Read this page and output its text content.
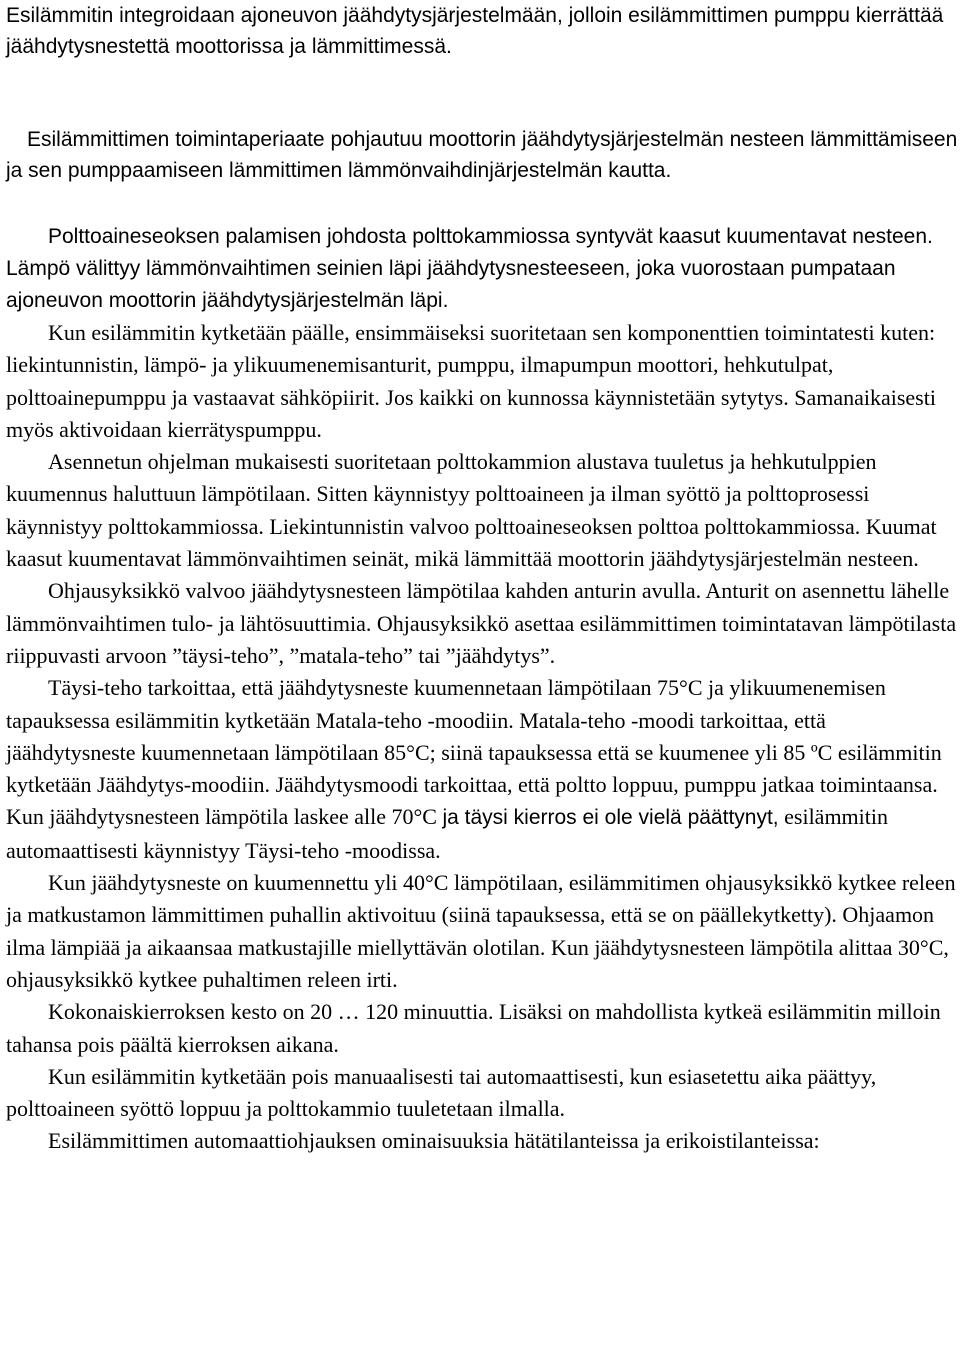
Esilämmitin integroidaan ajoneuvon jäähdytysjärjestelmään, jolloin esilämmittimen pumppu kierrättää jäähdytysnestettä moottorissa ja lämmittimessä.

Esilämmittimen toimintaperiaate pohjautuu moottorin jäähdytysjärjestelmän nesteen lämmittämiseen ja sen pumppaamiseen lämmittimen lämmönvaihdinjärjestelmän kautta.

Polttoaineseoksen palamisen johdosta polttokammiossa syntyvät kaasut kuumentavat nesteen. Lämpö välittyy lämmönvaihtimen seinien läpi jäähdytysnesteeseen, joka vuorostaan pumpataan ajoneuvon moottorin jäähdytysjärjestelmän läpi.

Kun esilämmitin kytketään päälle, ensimmäiseksi suoritetaan sen komponenttien toimintatesti kuten: liekintunnistin, lämpö- ja ylikuumenemisanturit, pumppu, ilmapumpun moottori, hehkutulpat, polttoainepumppu ja vastaavat sähköpiirit. Jos kaikki on kunnossa käynnistetään sytytys. Samanaikaisesti myös aktivoidaan kierrätyspumppu.

Asennetun ohjelman mukaisesti suoritetaan polttokammion alustava tuuletus ja hehkutulppien kuumennus haluttuun lämpötilaan. Sitten käynnistyy polttoaineen ja ilman syöttö ja polttoprosessi käynnistyy polttokammiossa. Liekintunnistin valvoo polttoaineseoksen polttoa polttokammiossa. Kuumat kaasut kuumentavat lämmönvaihtimen seinät, mikä lämmittää moottorin jäähdytysjärjestelmän nesteen.

Ohjausyksikkö valvoo jäähdytysnesteen lämpötilaa kahden anturin avulla. Anturit on asennettu lähelle lämmönvaihtimen tulo- ja lähtösuuttimia. Ohjausyksikkö asettaa esilämmittimen toimintatavan lämpötilasta riippuvasti arvoon ”täysi-teho”, ”matala-teho” tai ”jäähdytys”.

Täysi-teho tarkoittaa, että jäähdytysneste kuumennetaan lämpötilaan 75°C ja ylikuumenemisen tapauksessa esilämmitin kytketään Matala-teho -moodiin. Matala-teho -moodi tarkoittaa, että jäähdytysneste kuumennetaan lämpötilaan 85°C; siinä tapauksessa että se kuumenee yli 85 ºC esilämmitin kytketään Jäähdytys-moodiin. Jäähdytysmoodi tarkoittaa, että poltto loppuu, pumppu jatkaa toimintaansa. Kun jäähdytysnesteen lämpötila laskee alle 70°C ja täysi kierros ei ole vielä päättynyt, esilämmitin automaattisesti käynnistyy Täysi-teho -moodissa.

Kun jäähdytysneste on kuumennettu yli 40°C lämpötilaan, esilämmitimen ohjausyksikkö kytkee releen ja matkustamon lämmittimen puhallin aktivoituu (siinä tapauksessa, että se on päällekytketty). Ohjaamon ilma lämpiää ja aikaansaa matkustajille miellyttävän olotilan. Kun jäähdytysnesteen lämpötila alittaa 30°C, ohjausyksikkö kytkee puhaltimen releen irti.

Kokonaiskierroksen kesto on 20 … 120 minuuttia. Lisäksi on mahdollista kytkeä esilämmitin milloin tahansa pois päältä kierroksen aikana.

Kun esilämmitin kytketään pois manuaalisesti tai automaattisesti, kun esiasetettu aika päättyy, polttoaineen syöttö loppuu ja polttokammio tuuletetaan ilmalla.

Esilämmittimen automaattiohjauksen ominaisuuksia hätätilanteissa ja erikoistilanteissa:
